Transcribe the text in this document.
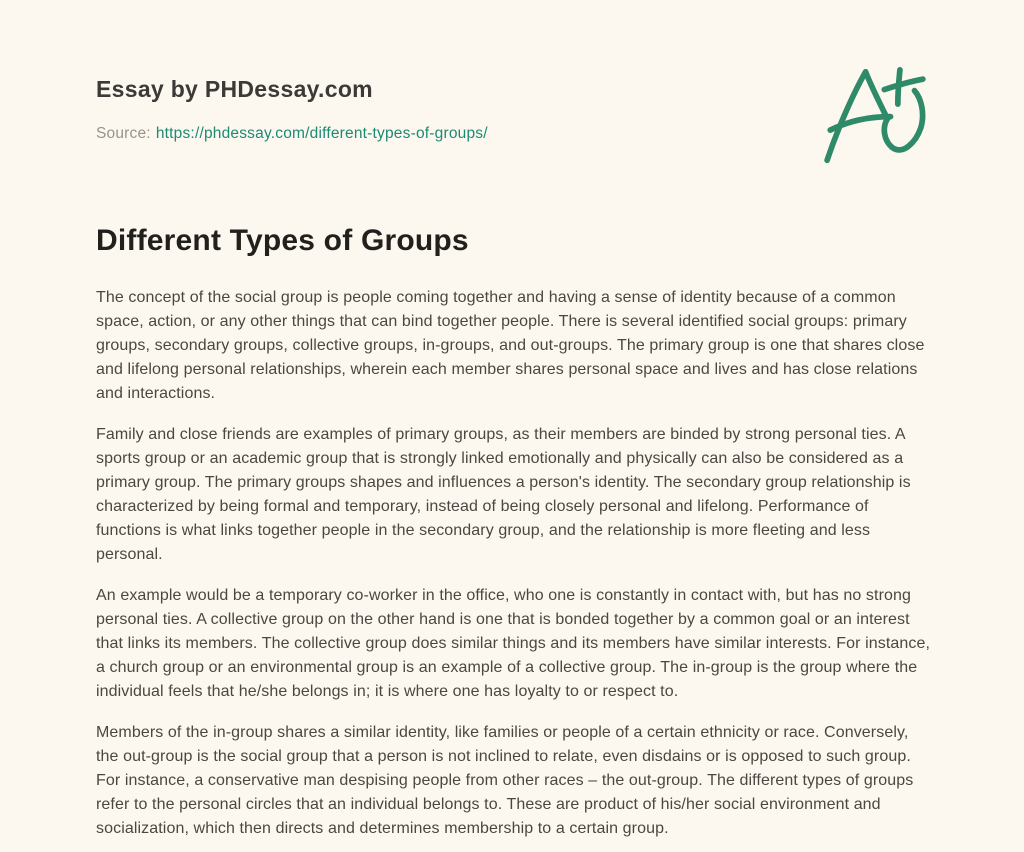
Essay by PHDessay.com
Source: https://phdessay.com/different-types-of-groups/
Different Types of Groups

The concept of the social group is people coming together and having a sense of identity because of a common space, action, or any other things that can bind together people. There is several identified social groups: primary groups, secondary groups, collective groups, in-groups, and out-groups. The primary group is one that shares close and lifelong personal relationships, wherein each member shares personal space and lives and has close relations and interactions.

Family and close friends are examples of primary groups, as their members are binded by strong personal ties. A sports group or an academic group that is strongly linked emotionally and physically can also be considered as a primary group. The primary groups shapes and influences a person's identity. The secondary group relationship is characterized by being formal and temporary, instead of being closely personal and lifelong. Performance of functions is what links together people in the secondary group, and the relationship is more fleeting and less personal.

An example would be a temporary co-worker in the office, who one is constantly in contact with, but has no strong personal ties. A collective group on the other hand is one that is bonded together by a common goal or an interest that links its members. The collective group does similar things and its members have similar interests. For instance, a church group or an environmental group is an example of a collective group. The in-group is the group where the individual feels that he/she belongs in; it is where one has loyalty to or respect to.

Members of the in-group shares a similar identity, like families or people of a certain ethnicity or race. Conversely, the out-group is the social group that a person is not inclined to relate, even disdains or is opposed to such group. For instance, a conservative man despising people from other races – the out-group. The different types of groups refer to the personal circles that an individual belongs to. These are product of his/her social environment and socialization, which then directs and determines membership to a certain group.
